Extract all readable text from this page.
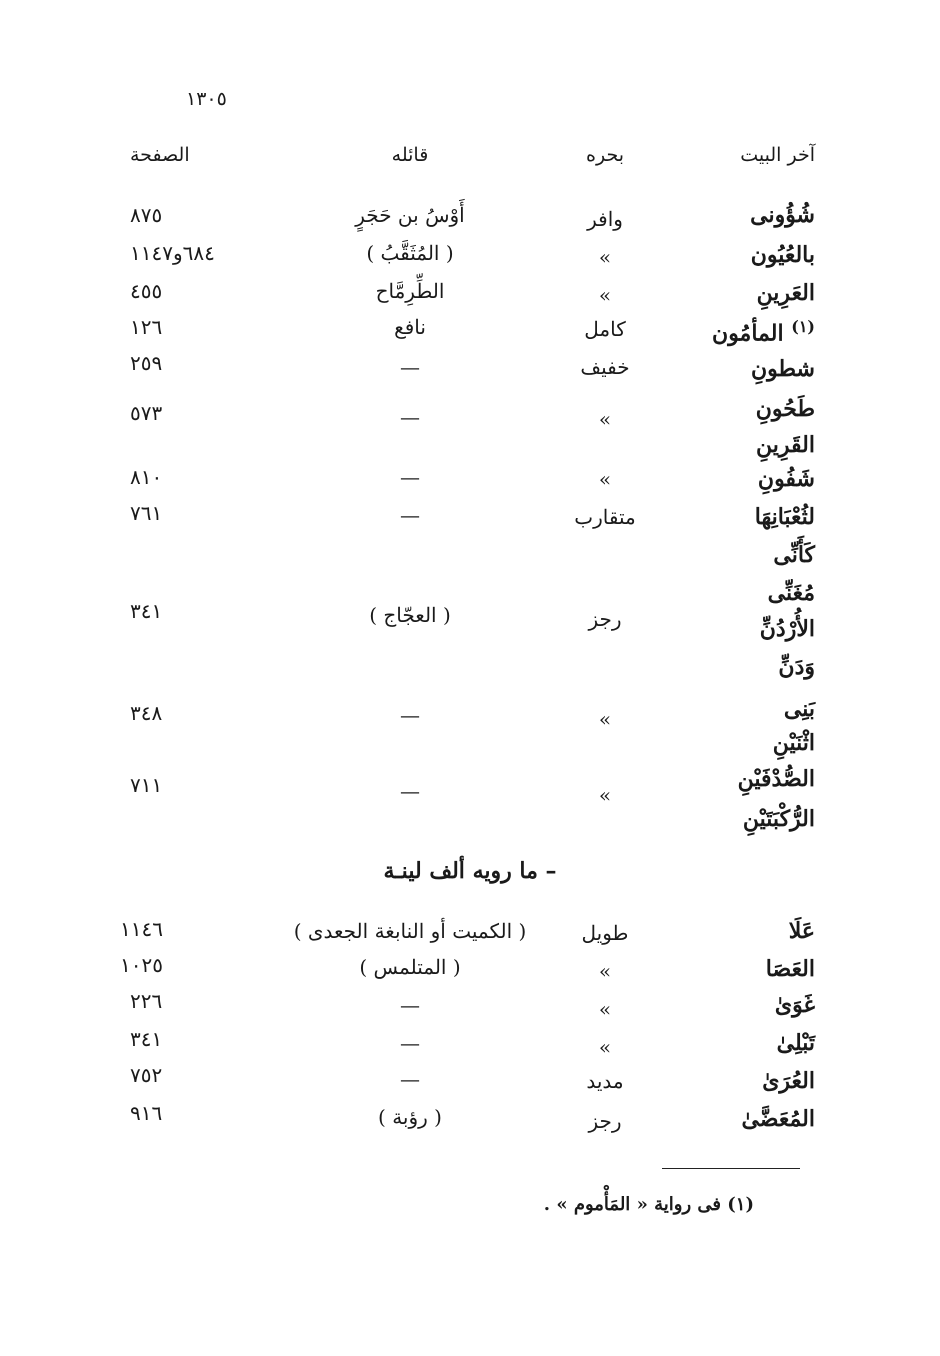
١٣٠٥
آخر البيت
بحره
قائله
الصفحة
شُؤُونى
وافر
أَوْسُ بن حَجَرٍ
٨٧٥
بالعُيُون
»
( المُثَقَّبُ )
٦٨٤و١١٤٧
العَرِينِ
»
الطِّرِمَّاح
٤٥٥
$^{(١)}$ المأمُون
كامل
نافع
١٢٦
شطونِ
خفيف
—
٢٥٩
طَحُونِ
»
—
٥٧٣
القَرِينِ
شَفُونِ
»
—
٨١٠
لثُعْبَانِهَا
متقارب
—
٧٦١
كَأَنِّى
مُغَنِّى
الأُرْدُنِّ
رجز
( العجّاج )
٣٤١
وَدَنِّ
بَنِى
»
—
٣٤٨
اثْنَيْنِ
الصُّدْفَيْنِ
»
—
٧١١
الرُّكْبَتَيْنِ
– ما رويه ألف لينـة
عَلَا
طويل
( الكميت أو النابغة الجعدى )
١١٤٦
العَصَا
»
( المتلمس )
١٠٢٥
غَوَىٰ
»
—
٢٢٦
تَبْلِىٰ
»
—
٣٤١
العُرَىٰ
مديد
—
٧٥٢
المُعَضَّىٰ
رجز
( رؤبة )
٩١٦
(١) فى رواية « المَأْموم » .
